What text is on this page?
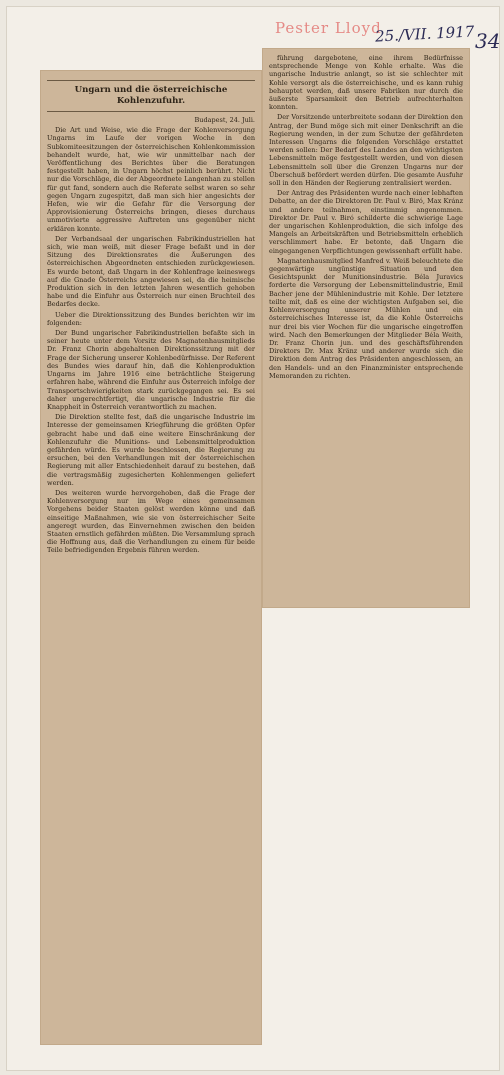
Pester Lloyd
25./VII. 1917 34
Ungarn und die österreichische Kohlenzufuhr.
Budapest, 24. Juli.

Die Art und Weise, wie die Frage der Kohlenversorgung Ungarns im Laufe der vorigen Woche in den Subkomiteesitzungen der österreichischen Kohlenkommission behandelt wurde, hat, wie wir unmittelbar nach der Veröffentlichung des Berichtes über die Beratungen festgestellt haben, in Ungarn höchst peinlich berührt. Nicht nur die Vorschläge, die der Abgeordnete Langenhan zu stellen für gut fand, sondern auch die Referate selbst waren so sehr gegen Ungarn zugespitzt, daß man sich hier angesichts der Hefen, wie wir die Gefahr für die Versorgung der Approvisionierung Österreichs bringen, dieses durchaus unmotivierte aggressive Auftreten uns gegenüber nicht erklären konnte.

Der Verbandsaal der ungarischen Fabrikindustriellen hat sich, wie man weiß, mit dieser Frage befaßt und in der Sitzung des Direktionsrates die Äußerungen des österreichischen Abgeordneten entschieden zurückgewiesen. Es wurde betont, daß Ungarn in der Kohlenfrage keineswegs auf die Gnade Österreichs angewiesen sei, da die heimische Produktion sich in den letzten Jahren wesentlich gehoben habe und die Einfuhr aus Österreich nur einen Bruchteil des Bedarfes decke.

Ueber die Direktionssitzung des Bundes berichten wir im folgenden:

Der Bund ungarischer Fabrikindustriellen befaßte sich in seiner heute unter dem Vorsitz des Magnatenhausmitglieds Dr. Franz Chorin abgehaltenen Direktionssitzung mit der Frage der Sicherung unserer Kohlenbedürfnisse. Der Referent des Bundes wies darauf hin, daß die Kohlenproduktion Ungarns im Jahre 1916 eine beträchtliche Steigerung erfahren habe, während die Einfuhr aus Österreich infolge der Transportschwierigkeiten stark zurückgegangen sei. Es sei daher ungerechtfertigt, die ungarische Industrie für die Knappheit in Österreich verantwortlich zu machen.

Die Direktion stellte fest, daß die ungarische Industrie im Interesse der gemeinsamen Kriegführung die größten Opfer gebracht habe und daß eine weitere Einschränkung der Kohlenzufuhr die Munitions- und Lebensmittelproduktion gefährden würde. Es wurde beschlossen, die Regierung zu ersuchen, bei den Verhandlungen mit der österreichischen Regierung mit aller Entschiedenheit darauf zu bestehen, daß die vertragsmäßig zugesicherten Kohlenmengen geliefert werden.

Des weiteren wurde hervorgehoben, daß die Frage der Kohlenversorgung nur im Wege eines gemeinsamen Vorgehens beider Staaten gelöst werden könne und daß einseitige Maßnahmen, wie sie von österreichischer Seite angeregt wurden, das Einvernehmen zwischen den beiden Staaten ernstlich gefährden müßten. Die Versammlung sprach die Hoffnung aus, daß die Verhandlungen zu einem für beide Teile befriedigenden Ergebnis führen werden.

führung dargebotene, eine ihrem Bedürfnisse entsprechende Menge von Kohle erhalte. Was die ungarische Industrie anlangt, so ist sie schlechter mit Kohle versorgt als die österreichische, und es kann ruhig behauptet werden, daß unsere Fabriken nur durch die äußerste Sparsamkeit den Betrieb aufrechterhalten konnten.

Der Vorsitzende unterbreitete sodann der Direktion den Antrag, der Bund möge sich mit einer Denkschrift an die Regierung wenden, in der zum Schutze der gefährdeten Interessen Ungarns die folgenden Vorschläge erstattet werden sollen: Der Bedarf des Landes an den wichtigsten Lebensmitteln möge festgestellt werden, und von diesen Lebensmitteln soll über die Grenzen Ungarns nur der Überschuß befördert werden dürfen. Die gesamte Ausfuhr soll in den Händen der Regierung zentralisiert werden.

Der Antrag des Präsidenten wurde nach einer lebhaften Debatte, an der die Direktoren Dr. Paul v. Biró, Max Kránz und andere teilnahmen, einstimmig angenommen. Direktor Dr. Paul v. Biró schilderte die schwierige Lage der ungarischen Kohlenproduktion, die sich infolge des Mangels an Arbeitskräften und Betriebsmitteln erheblich verschlimmert habe. Er betonte, daß Ungarn die eingegangenen Verpflichtungen gewissenhaft erfüllt habe.

Magnatenhausmitglied Manfred v. Weiß beleuchtete die gegenwärtige ungünstige Situation und den Gesichtspunkt der Munitionsindustrie. Béla Juravics forderte die Versorgung der Lebensmittelindustrie, Emil Bacher jene der Mühlenindustrie mit Kohle. Der letztere teilte mit, daß es eine der wichtigsten Aufgaben sei, die Kohlenversorgung unserer Mühlen und ein österreichisches Interesse ist, da die Kohle Österreichs nur drei bis vier Wochen für die ungarische eingetroffen wird. Nach den Bemerkungen der Mitglieder Béla Weith, Dr. Franz Chorin jun. und des geschäftsführenden Direktors Dr. Max Kränz und anderer wurde sich die Direktion dem Antrag des Präsidenten angeschlossen, an den Handels- und an den Finanzminister entsprechende Memoranden zu richten.
